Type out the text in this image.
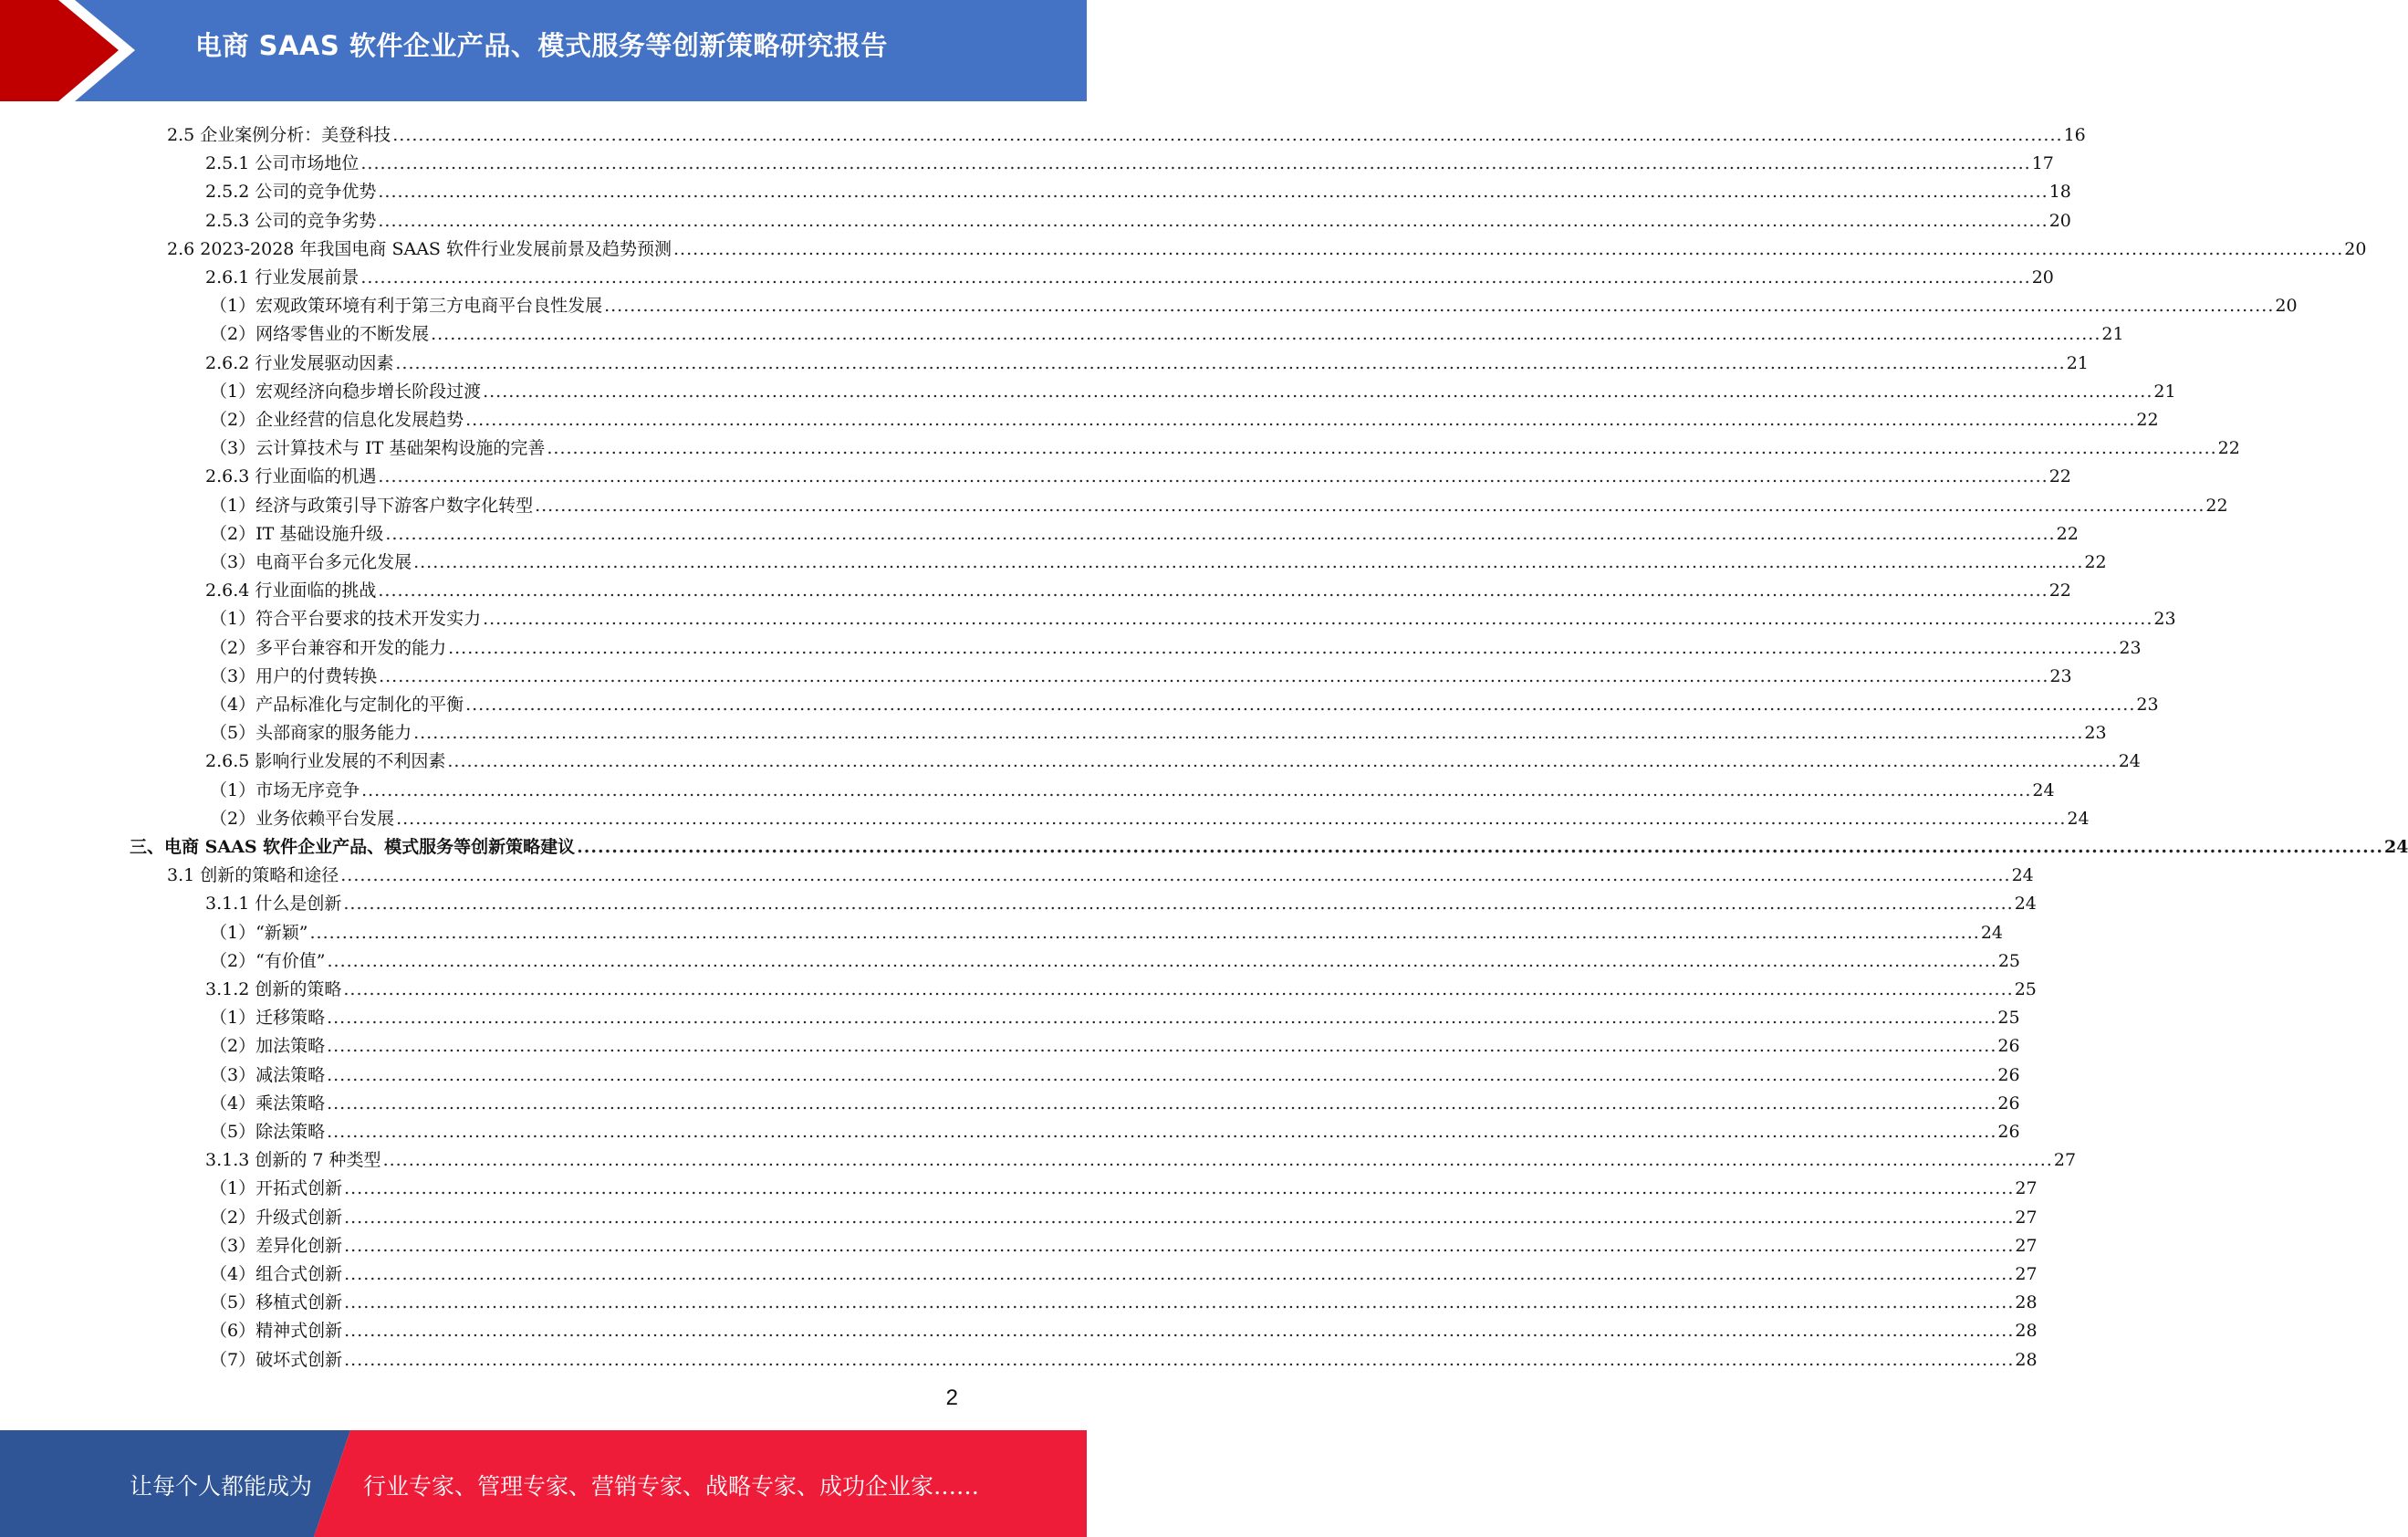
电商 SAAS 软件企业产品、模式服务等创新策略研究报告
2.5 企业案例分析：美登科技 .................................................................................................................................................................................................................................................................... 16
2.5.1 公司市场地位 .................................................................................................................................................................................................................................................................... 17
2.5.2 公司的竞争优势 .................................................................................................................................................................................................................................................................... 18
2.5.3 公司的竞争劣势 .................................................................................................................................................................................................................................................................... 20
2.6 2023-2028 年我国电商 SAAS 软件行业发展前景及趋势预测 .................................................................................................................................................................................................................................................................... 20
2.6.1 行业发展前景 .................................................................................................................................................................................................................................................................... 20
（1）宏观政策环境有利于第三方电商平台良性发展 .................................................................................................................................................................................................................................................................... 20
（2）网络零售业的不断发展 .................................................................................................................................................................................................................................................................... 21
2.6.2 行业发展驱动因素 .................................................................................................................................................................................................................................................................... 21
（1）宏观经济向稳步增长阶段过渡 .................................................................................................................................................................................................................................................................... 21
（2）企业经营的信息化发展趋势 .................................................................................................................................................................................................................................................................... 22
（3）云计算技术与 IT 基础架构设施的完善 .................................................................................................................................................................................................................................................................... 22
2.6.3 行业面临的机遇 .................................................................................................................................................................................................................................................................... 22
（1）经济与政策引导下游客户数字化转型 .................................................................................................................................................................................................................................................................... 22
（2）IT 基础设施升级 .................................................................................................................................................................................................................................................................... 22
（3）电商平台多元化发展 .................................................................................................................................................................................................................................................................... 22
2.6.4 行业面临的挑战 .................................................................................................................................................................................................................................................................... 22
（1）符合平台要求的技术开发实力 .................................................................................................................................................................................................................................................................... 23
（2）多平台兼容和开发的能力 .................................................................................................................................................................................................................................................................... 23
（3）用户的付费转换 .................................................................................................................................................................................................................................................................... 23
（4）产品标准化与定制化的平衡 .................................................................................................................................................................................................................................................................... 23
（5）头部商家的服务能力 .................................................................................................................................................................................................................................................................... 23
2.6.5 影响行业发展的不利因素 .................................................................................................................................................................................................................................................................... 24
（1）市场无序竞争 .................................................................................................................................................................................................................................................................... 24
（2）业务依赖平台发展 .................................................................................................................................................................................................................................................................... 24
三、电商 SAAS 软件企业产品、模式服务等创新策略建议 .................................................................................................................................................................................................................................................................... 24
3.1 创新的策略和途径 .................................................................................................................................................................................................................................................................... 24
3.1.1 什么是创新 .................................................................................................................................................................................................................................................................... 24
（1）“新颖” .................................................................................................................................................................................................................................................................... 24
（2）“有价值” .................................................................................................................................................................................................................................................................... 25
3.1.2 创新的策略 .................................................................................................................................................................................................................................................................... 25
（1）迁移策略 .................................................................................................................................................................................................................................................................... 25
（2）加法策略 .................................................................................................................................................................................................................................................................... 26
（3）减法策略 .................................................................................................................................................................................................................................................................... 26
（4）乘法策略 .................................................................................................................................................................................................................................................................... 26
（5）除法策略 .................................................................................................................................................................................................................................................................... 26
3.1.3 创新的 7 种类型 .................................................................................................................................................................................................................................................................... 27
（1）开拓式创新 .................................................................................................................................................................................................................................................................... 27
（2）升级式创新 .................................................................................................................................................................................................................................................................... 27
（3）差异化创新 .................................................................................................................................................................................................................................................................... 27
（4）组合式创新 .................................................................................................................................................................................................................................................................... 27
（5）移植式创新 .................................................................................................................................................................................................................................................................... 28
（6）精神式创新 .................................................................................................................................................................................................................................................................... 28
（7）破坏式创新 .................................................................................................................................................................................................................................................................... 28
2
让每个人都能成为 行业专家、管理专家、营销专家、战略专家、成功企业家……
